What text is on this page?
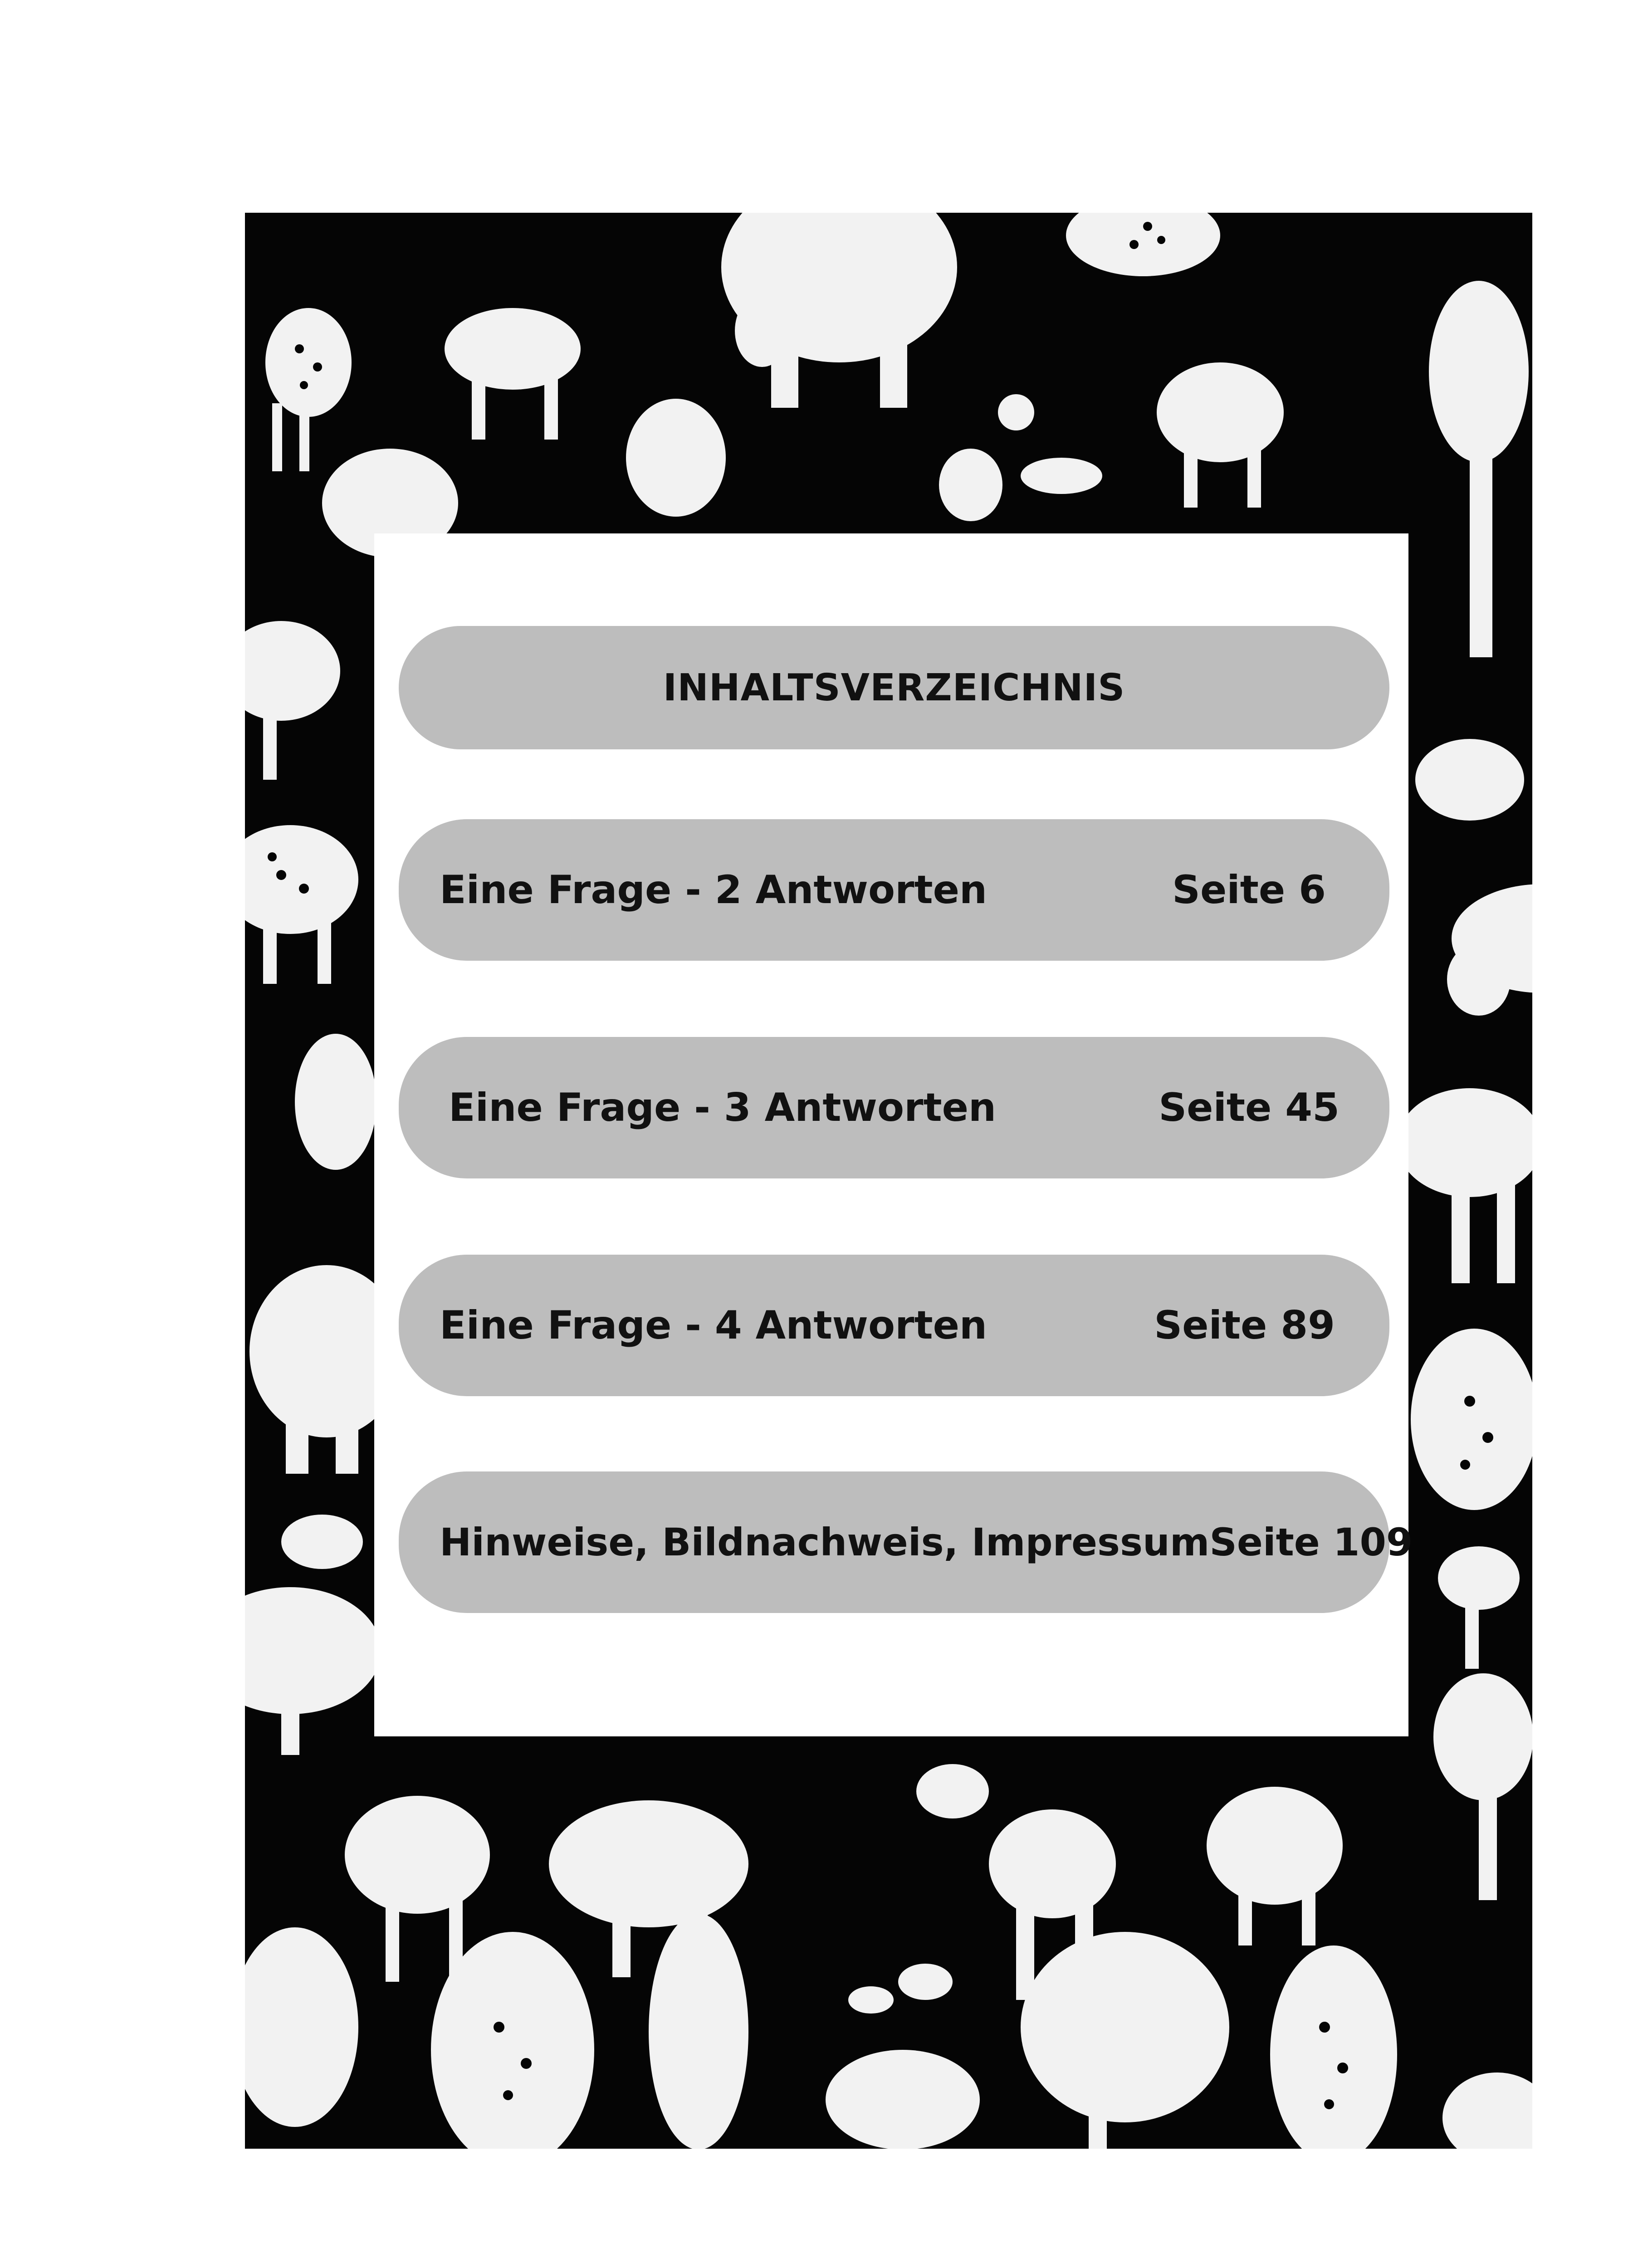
INHALTSVERZEICHNIS
Eine Frage - 2 Antworten	Seite 6
Eine Frage - 3 Antworten	Seite 45
Eine Frage - 4 Antworten	Seite 89
Hinweise, Bildnachweis, Impressum Seite 109
